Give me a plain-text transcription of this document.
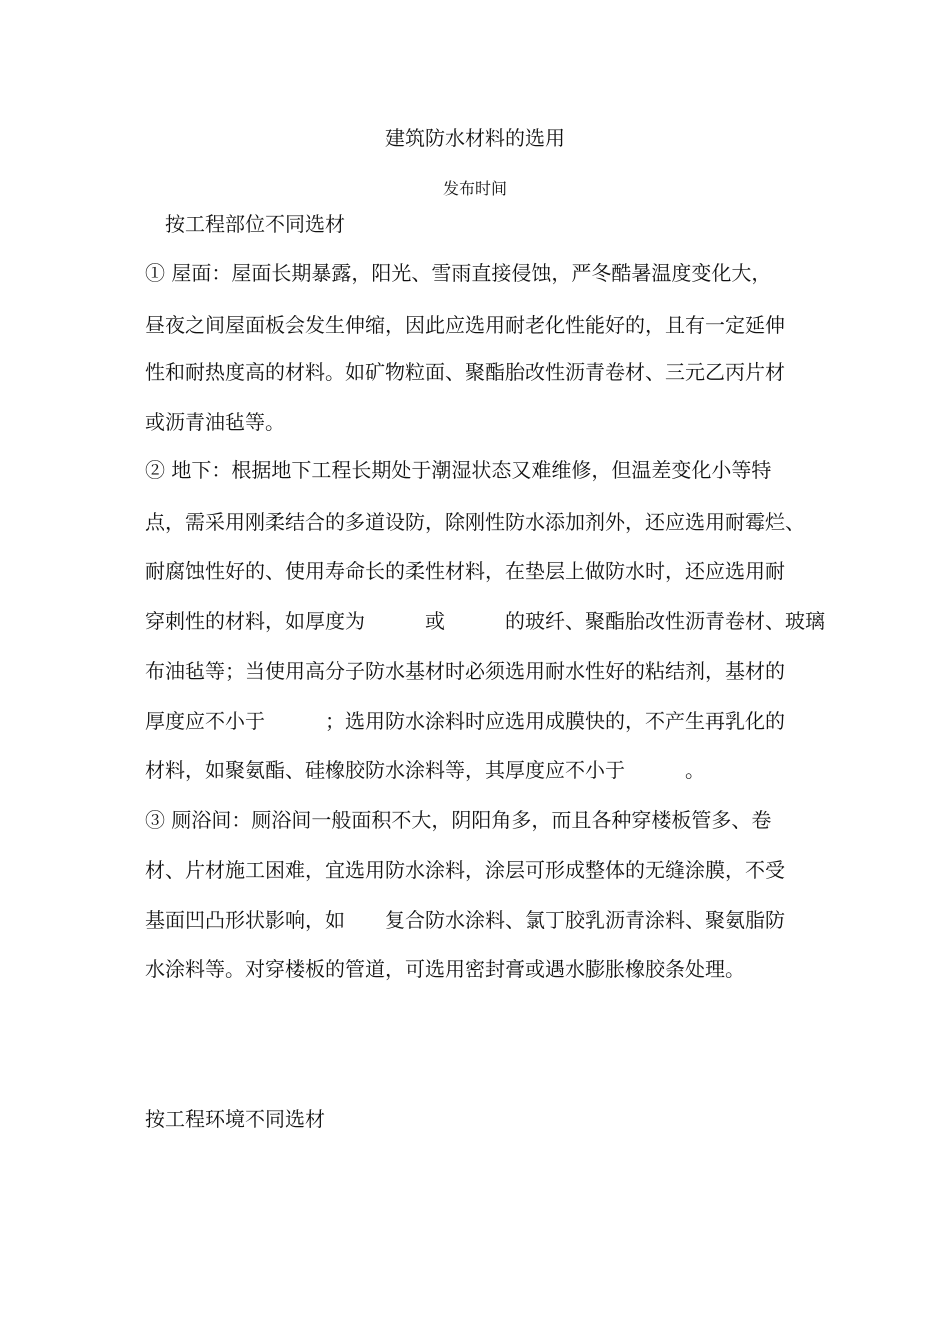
建筑防水材料的选用
发布时间
按工程部位不同选材
① 屋面：屋面长期暴露，阳光、雪雨直接侵蚀，严冬酷暑温度变化大，
昼夜之间屋面板会发生伸缩，因此应选用耐老化性能好的，且有一定延伸
性和耐热度高的材料。如矿物粒面、聚酯胎改性沥青卷材、三元乙丙片材
或沥青油毡等。
② 地下：根据地下工程长期处于潮湿状态又难维修，但温差变化小等特
点，需采用刚柔结合的多道设防，除刚性防水添加剂外，还应选用耐霉烂、
耐腐蚀性好的、使用寿命长的柔性材料，在垫层上做防水时，还应选用耐
穿刺性的材料，如厚度为　　　或　　　的玻纤、聚酯胎改性沥青卷材、玻璃
布油毡等；当使用高分子防水基材时必须选用耐水性好的粘结剂，基材的
厚度应不小于　　　；选用防水涂料时应选用成膜快的，不产生再乳化的
材料，如聚氨酯、硅橡胶防水涂料等，其厚度应不小于　　　。
③ 厕浴间：厕浴间一般面积不大，阴阳角多，而且各种穿楼板管多、卷
材、片材施工困难，宜选用防水涂料，涂层可形成整体的无缝涂膜，不受
基面凹凸形状影响，如　　复合防水涂料、氯丁胶乳沥青涂料、聚氨脂防
水涂料等。对穿楼板的管道，可选用密封膏或遇水膨胀橡胶条处理。
按工程环境不同选材
